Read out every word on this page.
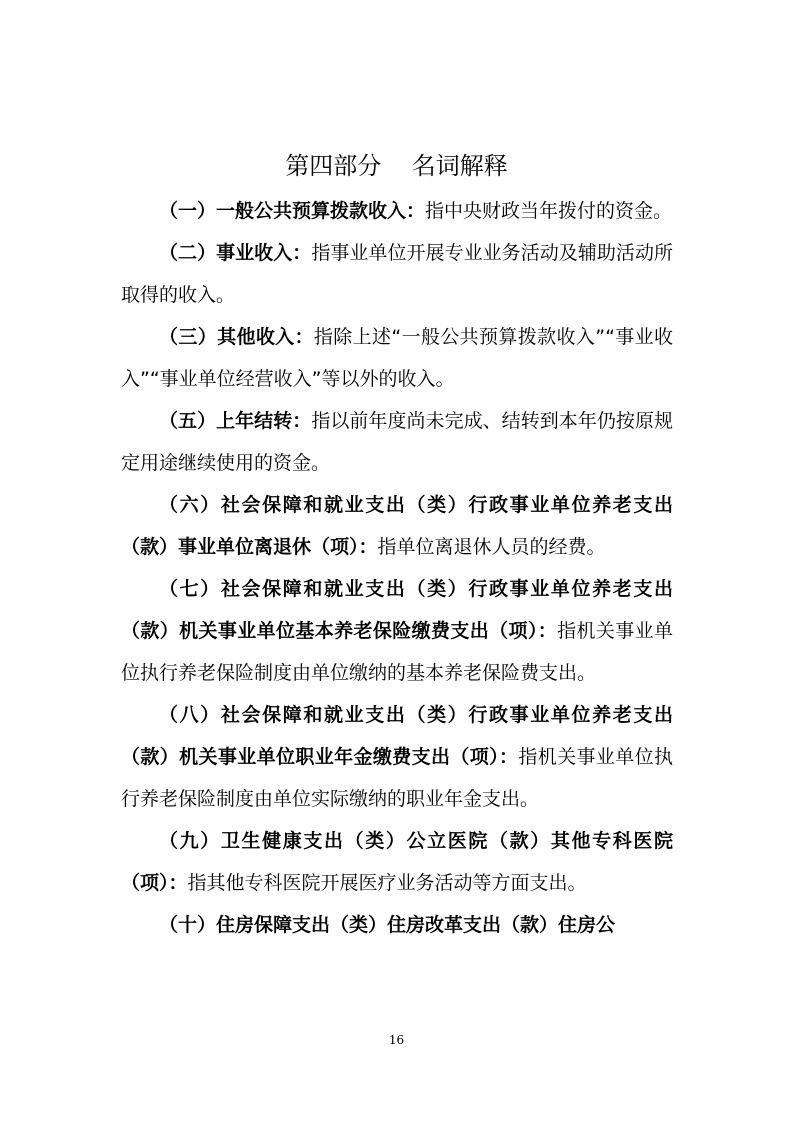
第四部分    名词解释

（一）一般公共预算拨款收入：指中央财政当年拨付的资金。

（二）事业收入：指事业单位开展专业业务活动及辅助活动所取得的收入。

（三）其他收入：指除上述“一般公共预算拨款收入”“事业收入”“事业单位经营收入”等以外的收入。

（五）上年结转：指以前年度尚未完成、结转到本年仍按原规定用途继续使用的资金。

（六）社会保障和就业支出（类）行政事业单位养老支出（款）事业单位离退休（项）：指单位离退休人员的经费。

（七）社会保障和就业支出（类）行政事业单位养老支出（款）机关事业单位基本养老保险缴费支出（项）：指机关事业单位执行养老保险制度由单位缴纳的基本养老保险费支出。

（八）社会保障和就业支出（类）行政事业单位养老支出（款）机关事业单位职业年金缴费支出（项）：指机关事业单位执行养老保险制度由单位实际缴纳的职业年金支出。

（九）卫生健康支出（类）公立医院（款）其他专科医院（项）：指其他专科医院开展医疗业务活动等方面支出。

（十）住房保障支出（类）住房改革支出（款）住房公

16
